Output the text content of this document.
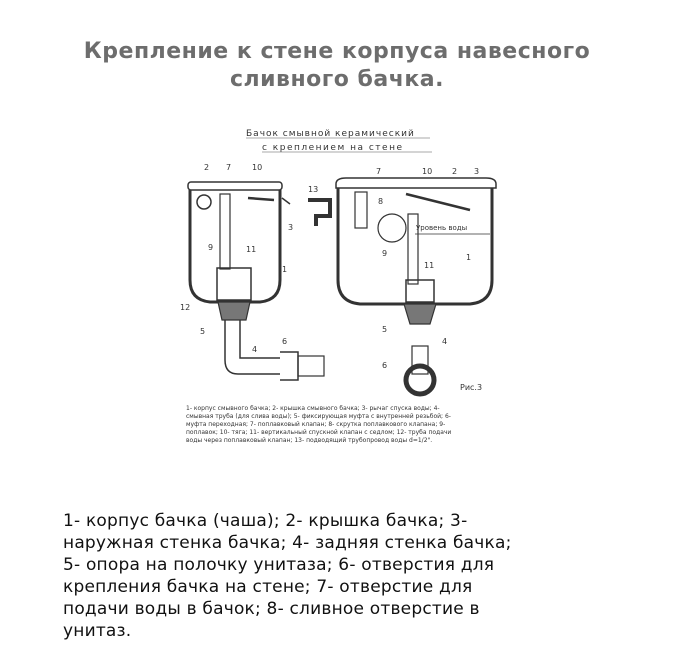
Крепление к стене корпуса навесного
сливного бачка.
Бачок смывной керамический
с креплением на стене
2 7	10
3
9	11
1
12
5
4
6
13
7
8
10 2 3
Уровень воды
9
11
1
5
4
6
Рис.3
1- корпус смывного бачка; 2- крышка смывного бачка; 3- рычаг спуска воды; 4-
смывная труба (для слива воды); 5- фиксирующая муфта с внутренней резьбой; 6-
муфта переходная; 7- поплавковый клапан; 8- скрутка поплавкового клапана; 9-
поплавок; 10- тяга; 11- вертикальный спускной клапан с седлом; 12- труба подачи
воды через поплавковый клапан; 13- подводящий трубопровод воды d=1/2".
1- корпус бачка (чаша); 2- крышка бачка; 3-
наружная стенка бачка; 4- задняя стенка бачка;
5- опора на полочку унитаза; 6- отверстия для
крепления бачка на стене; 7- отверстие для
подачи воды в бачок; 8- сливное отверстие в
унитаз.
